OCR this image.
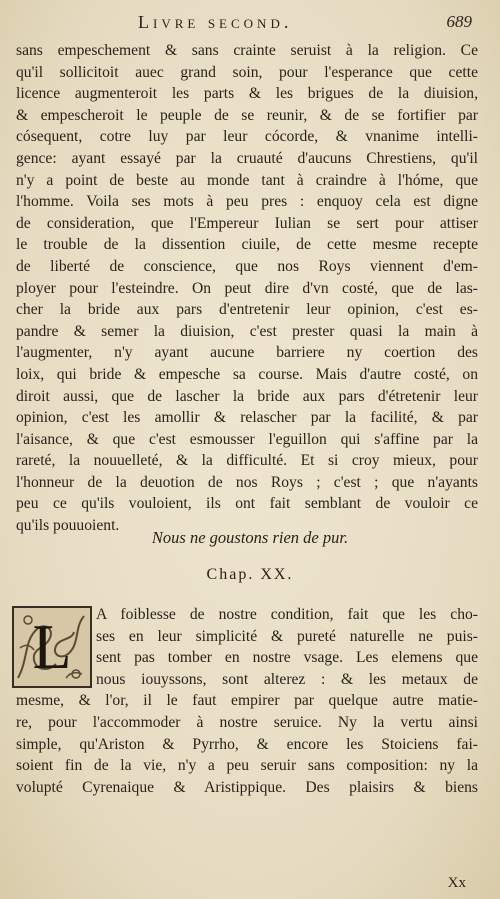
Livre second.	689
sans empeschement & sans crainte seruist à la religion. Ce
qu'il sollicitoit auec grand soin, pour l'esperance que cette
licence augmenteroit les parts & les brigues de la diuision,
& empescheroit le peuple de se reunir, & de se fortifier par
cósequent, cotre luy par leur cócorde, & vnanime intelli-
gence: ayant essayé par la cruauté d'aucuns Chrestiens, qu'il
n'y a point de beste au monde tant à craindre à l'hóme, que
l'homme. Voila ses mots à peu pres : enquoy cela est digne
de consideration, que l'Empereur Iulian se sert pour attiser
le trouble de la dissention ciuile, de cette mesme recepte
de liberté de conscience, que nos Roys viennent d'em-
ployer pour l'esteindre. On peut dire d'vn costé, que de las-
cher la bride aux pars d'entretenir leur opinion, c'est es-
pandre & semer la diuision, c'est prester quasi la main à
l'augmenter, n'y ayant aucune barriere ny coertion des
loix, qui bride & empesche sa course. Mais d'autre costé, on
diroit aussi, que de lascher la bride aux pars d'étretenir leur
opinion, c'est les amollir & relascher par la facilité, & par
l'aisance, & que c'est esmousser l'eguillon qui s'affine par la
rareté, la nouuelleté, & la difficulté. Et si croy mieux, pour
l'honneur de la deuotion de nos Roys ; c'est ; que n'ayants
peu ce qu'ils vouloient, ils ont fait semblant de vouloir ce
qu'ils pouuoient.
Nous ne goustons rien de pur.
Chap. XX.
L	A foiblesse de nostre condition, fait que les cho-
ses en leur simplicité & pureté naturelle ne puis-
sent pas tomber en nostre vsage. Les elemens que
nous iouyssons, sont alterez : & les metaux de
mesme, & l'or, il le faut empirer par quelque autre matie-
re, pour l'accommoder à nostre seruice. Ny la vertu ainsi
simple, qu'Ariston & Pyrrho, & encore les Stoiciens fai-
soient fin de la vie, n'y a peu seruir sans composition: ny la
volupté Cyrenaique & Aristippique. Des plaisirs & biens
Xx
